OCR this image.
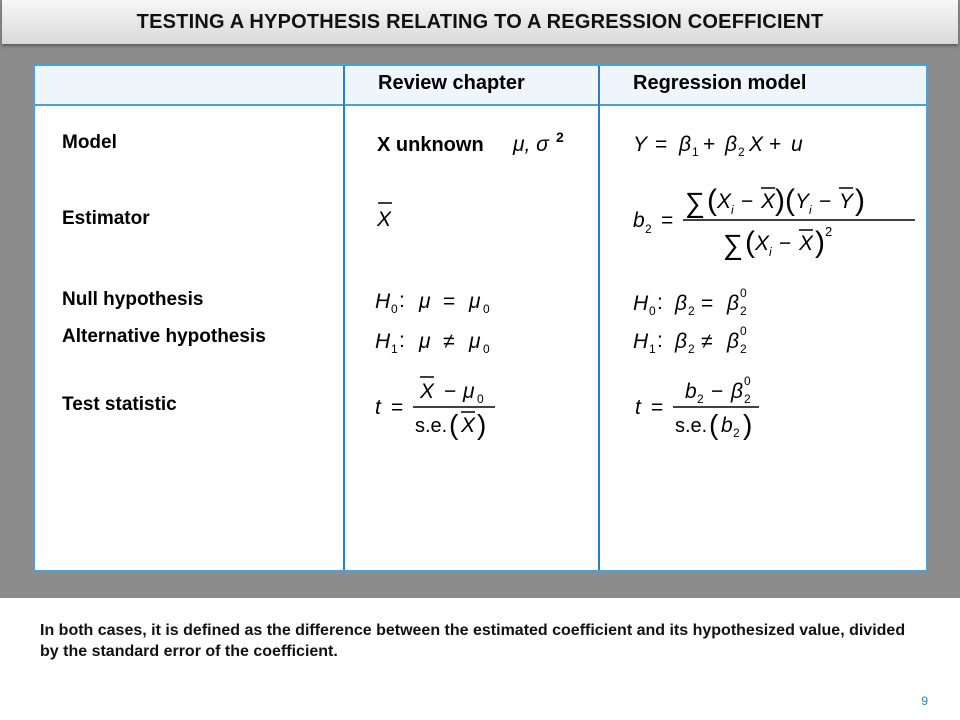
TESTING A HYPOTHESIS RELATING TO A REGRESSION COEFFICIENT
Review chapter	Regression model
Model
Estimator
Null hypothesis
Alternative hypothesis
Test statistic
X unknown μ, σ 2
X
H 0 : μ = μ 0
H 1 : μ ≠ μ 0
t =
X − μ 0
s.e. ( X )
Y = β 1 + β 2 X + u
b 2 =
∑ ( X i − X ) ( Y i − Y )
∑ ( X i − X ) 2
H 0 : β 2 = β 2
0
H 1 : β 2 ≠ β 2
0
t =
b 2 − β 2
0
s.e. ( b 2 )
In both cases, it is defined as the difference between the estimated coefficient and its hypothesized value, divided by the standard error of the coefficient.
9
